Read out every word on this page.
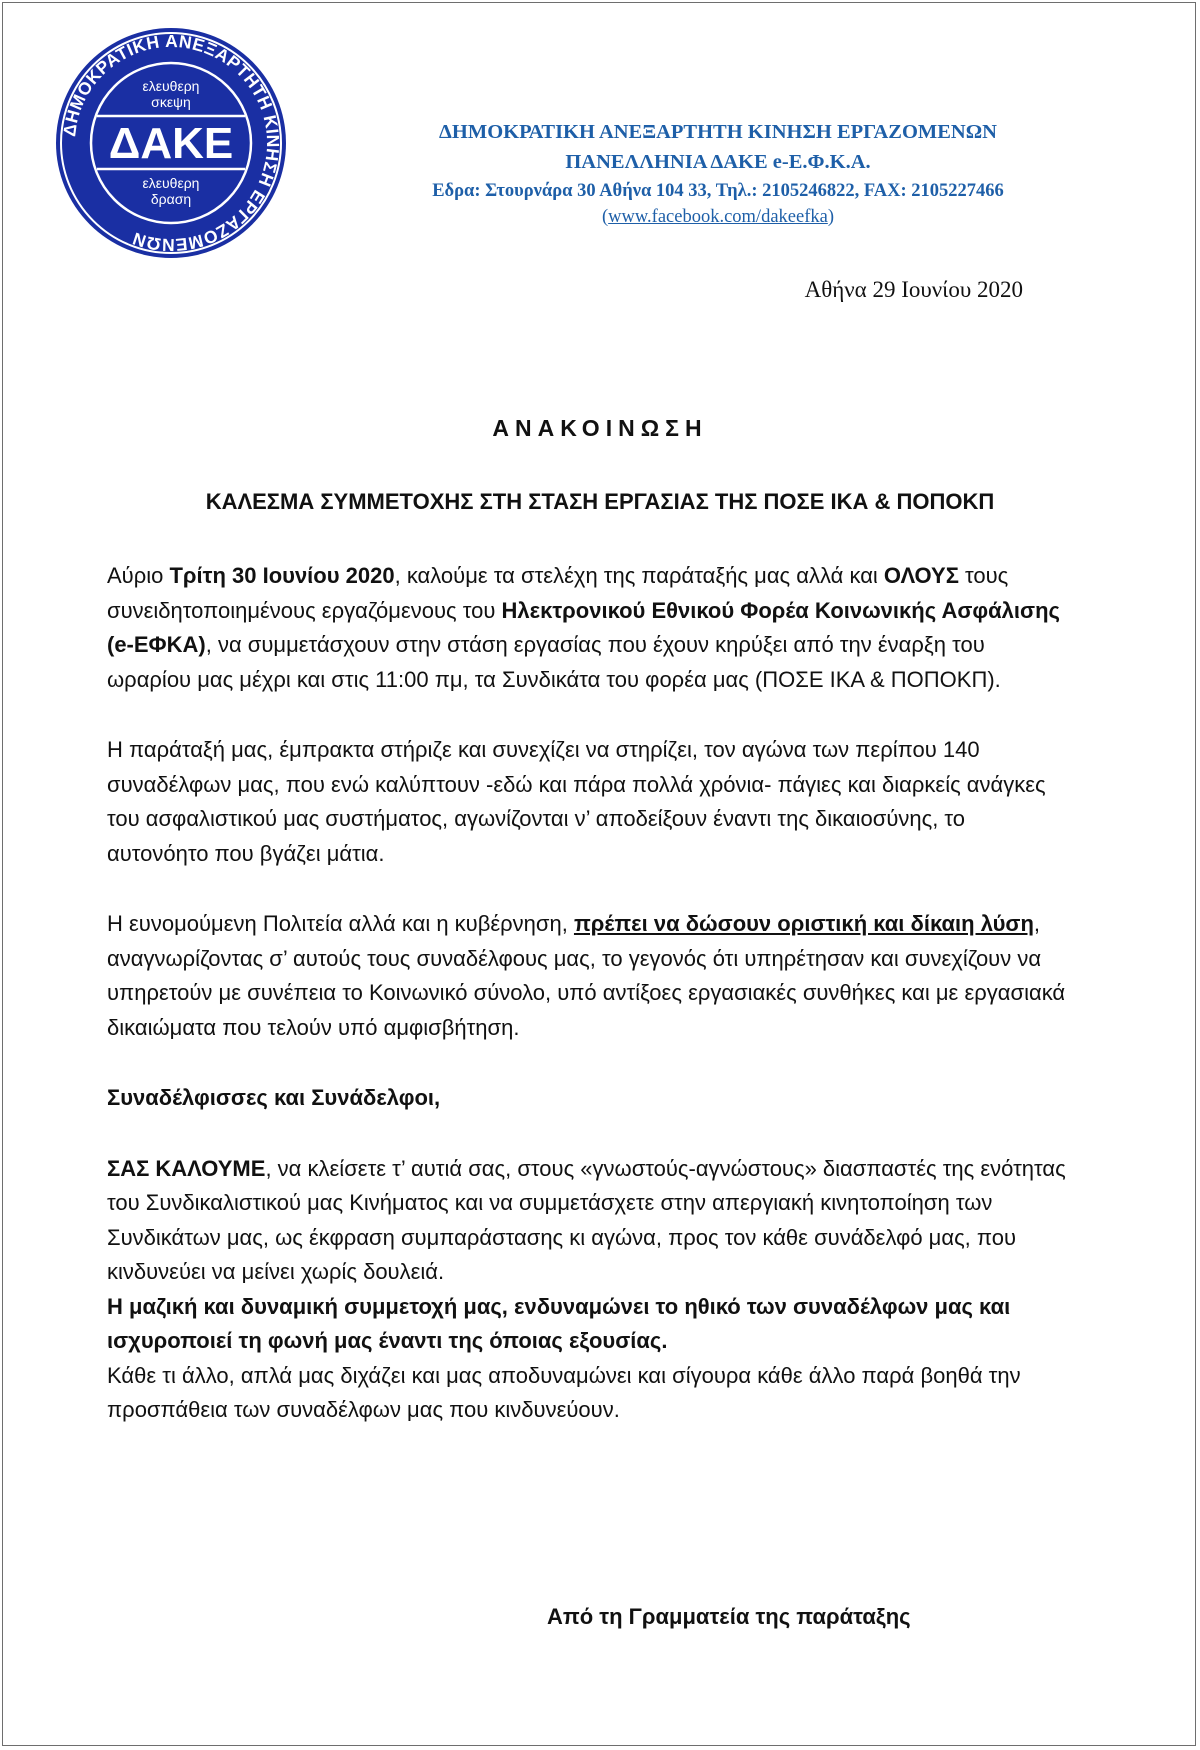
ΔΗΜΟΚΡΑΤΙΚΗ ΑΝΕΞΑΡΤΗΤΗ ΚΙΝΗΣΗ ΕΡΓΑΖΟΜΕΝΩΝ
ελευθερη
σκεψη
ΔΑΚΕ
ελευθερη
δραση
ΔΗΜΟΚΡΑΤΙΚΗ ΑΝΕΞΑΡΤΗΤΗ ΚΙΝΗΣΗ ΕΡΓΑΖΟΜΕΝΩΝ
ΠΑΝΕΛΛΗΝΙΑ ΔΑΚΕ e-Ε.Φ.Κ.Α.
Εδρα: Στουρνάρα 30 Αθήνα 104 33, Τηλ.: 2105246822, FAX: 2105227466
(www.facebook.com/dakeefka)
Αθήνα 29 Ιουνίου 2020
ΑΝΑΚΟΙΝΩΣΗ
ΚΑΛΕΣΜΑ ΣΥΜΜΕΤΟΧΗΣ ΣΤΗ ΣΤΑΣΗ ΕΡΓΑΣΙΑΣ ΤΗΣ ΠΟΣΕ ΙΚΑ & ΠΟΠΟΚΠ

Αύριο Τρίτη 30 Ιουνίου 2020, καλούμε τα στελέχη της παράταξής μας αλλά και ΟΛΟΥΣ τους συνειδητοποιημένους εργαζόμενους του Ηλεκτρονικού Εθνικού Φορέα Κοινωνικής Ασφάλισης (e-ΕΦΚΑ), να συμμετάσχουν στην στάση εργασίας που έχουν κηρύξει από την έναρξη του ωραρίου μας μέχρι και στις 11:00 πμ, τα Συνδικάτα του φορέα μας (ΠΟΣΕ ΙΚΑ & ΠΟΠΟΚΠ).

Η παράταξή μας, έμπρακτα στήριζε και συνεχίζει να στηρίζει, τον αγώνα των περίπου 140 συναδέλφων μας, που ενώ καλύπτουν -εδώ και πάρα πολλά χρόνια- πάγιες και διαρκείς ανάγκες του ασφαλιστικού μας συστήματος, αγωνίζονται ν’ αποδείξουν έναντι της δικαιοσύνης, το αυτονόητο που βγάζει μάτια.

Η ευνομούμενη Πολιτεία αλλά και η κυβέρνηση, πρέπει να δώσουν οριστική και δίκαιη λύση, αναγνωρίζοντας σ’ αυτούς τους συναδέλφους μας, το γεγονός ότι υπηρέτησαν και συνεχίζουν να υπηρετούν με συνέπεια το Κοινωνικό σύνολο, υπό αντίξοες εργασιακές συνθήκες και με εργασιακά δικαιώματα που τελούν υπό αμφισβήτηση.

Συναδέλφισσες και Συνάδελφοι,

ΣΑΣ ΚΑΛΟΥΜΕ, να κλείσετε τ’ αυτιά σας, στους «γνωστούς-αγνώστους» διασπαστές της ενότητας του Συνδικαλιστικού μας Κινήματος και να συμμετάσχετε στην απεργιακή κινητοποίηση των Συνδικάτων μας, ως έκφραση συμπαράστασης κι αγώνα, προς τον κάθε συνάδελφό μας, που κινδυνεύει να μείνει χωρίς δουλειά.

Η μαζική και δυναμική συμμετοχή μας, ενδυναμώνει το ηθικό των συναδέλφων μας και ισχυροποιεί τη φωνή μας έναντι της όποιας εξουσίας.

Κάθε τι άλλο, απλά μας διχάζει και μας αποδυναμώνει και σίγουρα κάθε άλλο παρά βοηθά την προσπάθεια των συναδέλφων μας που κινδυνεύουν.

Από τη Γραμματεία της παράταξης
